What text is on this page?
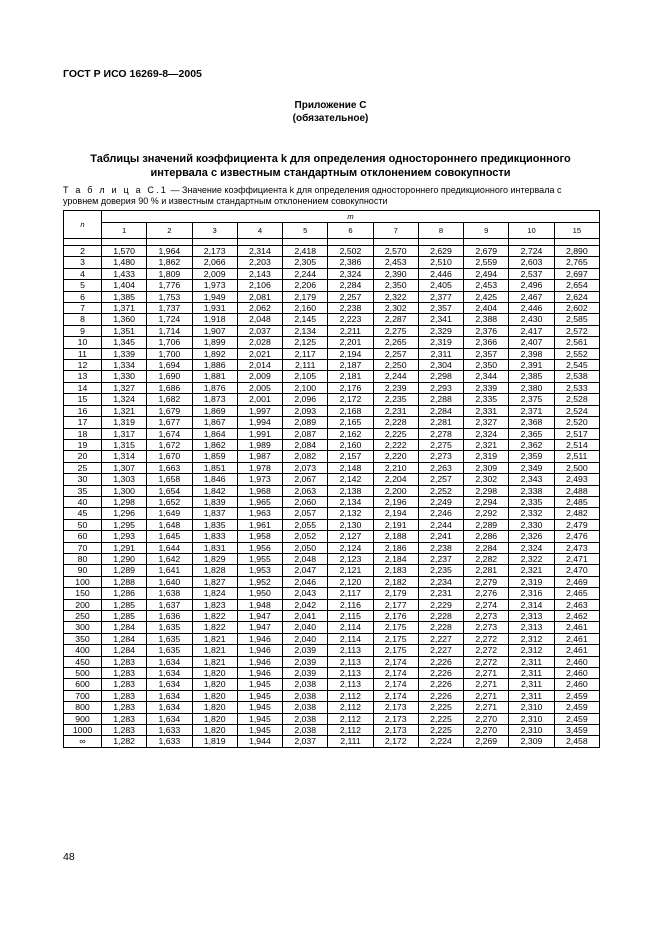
ГОСТ Р ИСО 16269-8—2005
Приложение С
(обязательное)
Таблицы значений коэффициента k для определения одностороннего предикционного
интервала с известным стандартным отклонением совокупности
Т а б л и ц а С.1 — Значение коэффициента k для определения одностороннего предикционного интервала с
уровнем доверия 90 % и известным стандартным отклонением совокупности
n	m										
	1	2	3	4	5	6	7	8	9	10	15

2	1,570	1,964	2,173	2,314	2,418	2,502	2,570	2,629	2,679	2,724	2,890
3	1,480	1,862	2,066	2,203	2,305	2,386	2,453	2,510	2,559	2,603	2,765
4	1,433	1,809	2,009	2,143	2,244	2,324	2,390	2,446	2,494	2,537	2,697
5	1,404	1,776	1,973	2,106	2,206	2,284	2,350	2,405	2,453	2,496	2,654
6	1,385	1,753	1,949	2,081	2,179	2,257	2,322	2,377	2,425	2,467	2,624
7	1,371	1,737	1,931	2,062	2,160	2,238	2,302	2,357	2,404	2,446	2,602
8	1,360	1,724	1,918	2,048	2,145	2,223	2,287	2,341	2,388	2,430	2,585
9	1,351	1,714	1,907	2,037	2,134	2,211	2,275	2,329	2,376	2,417	2,572
10	1,345	1,706	1,899	2,028	2,125	2,201	2,265	2,319	2,366	2,407	2,561
11	1,339	1,700	1,892	2,021	2,117	2,194	2,257	2,311	2,357	2,398	2,552
12	1,334	1,694	1,886	2,014	2,111	2,187	2,250	2,304	2,350	2,391	2,545
13	1,330	1,690	1,881	2,009	2,105	2,181	2,244	2,298	2,344	2,385	2,538
14	1,327	1,686	1,876	2,005	2,100	2,176	2,239	2,293	2,339	2,380	2,533
15	1,324	1,682	1,873	2,001	2,096	2,172	2,235	2,288	2,335	2,375	2,528
16	1,321	1,679	1,869	1,997	2,093	2,168	2,231	2,284	2,331	2,371	2,524
17	1,319	1,677	1,867	1,994	2,089	2,165	2,228	2,281	2,327	2,368	2,520
18	1,317	1,674	1,864	1,991	2,087	2,162	2,225	2,278	2,324	2,365	2,517
19	1,315	1,672	1,862	1,989	2,084	2,160	2,222	2,275	2,321	2,362	2,514
20	1,314	1,670	1,859	1,987	2,082	2,157	2,220	2,273	2,319	2,359	2,511
25	1,307	1,663	1,851	1,978	2,073	2,148	2,210	2,263	2,309	2,349	2,500
30	1,303	1,658	1,846	1,973	2,067	2,142	2,204	2,257	2,302	2,343	2,493
35	1,300	1,654	1,842	1,968	2,063	2,138	2,200	2,252	2,298	2,338	2,488
40	1,298	1,652	1,839	1,965	2,060	2,134	2,196	2,249	2,294	2,335	2,485
45	1,296	1,649	1,837	1,963	2,057	2,132	2,194	2,246	2,292	2,332	2,482
50	1,295	1,648	1,835	1,961	2,055	2,130	2,191	2,244	2,289	2,330	2,479
60	1,293	1,645	1,833	1,958	2,052	2,127	2,188	2,241	2,286	2,326	2,476
70	1,291	1,644	1,831	1,956	2,050	2,124	2,186	2,238	2,284	2,324	2,473
80	1,290	1,642	1,829	1,955	2,048	2,123	2,184	2,237	2,282	2,322	2,471
90	1,289	1,641	1,828	1,953	2,047	2,121	2,183	2,235	2,281	2,321	2,470
100	1,288	1,640	1,827	1,952	2,046	2,120	2,182	2,234	2,279	2,319	2,469
150	1,286	1,638	1,824	1,950	2,043	2,117	2,179	2,231	2,276	2,316	2,465
200	1,285	1,637	1,823	1,948	2,042	2,116	2,177	2,229	2,274	2,314	2,463
250	1,285	1,636	1,822	1,947	2,041	2,115	2,176	2,228	2,273	2,313	2,462
300	1,284	1,635	1,822	1,947	2,040	2,114	2,175	2,228	2,273	2,313	2,461
350	1,284	1,635	1,821	1,946	2,040	2,114	2,175	2,227	2,272	2,312	2,461
400	1,284	1,635	1,821	1,946	2,039	2,113	2,175	2,227	2,272	2,312	2,461
450	1,283	1,634	1,821	1,946	2,039	2,113	2,174	2,226	2,272	2,311	2,460
500	1,283	1,634	1,820	1,946	2,039	2,113	2,174	2,226	2,271	2,311	2,460
600	1,283	1,634	1,820	1,945	2,038	2,113	2,174	2,226	2,271	2,311	2,460
700	1,283	1,634	1,820	1,945	2,038	2,112	2,174	2,226	2,271	2,311	2,459
800	1,283	1,634	1,820	1,945	2,038	2,112	2,173	2,225	2,271	2,310	2,459
900	1,283	1,634	1,820	1,945	2,038	2,112	2,173	2,225	2,270	2,310	2,459
1000	1,283	1,633	1,820	1,945	2,038	2,112	2,173	2,225	2,270	2,310	3,459
∞	1,282	1,633	1,819	1,944	2,037	2,111	2,172	2,224	2,269	2,309	2,458
48
